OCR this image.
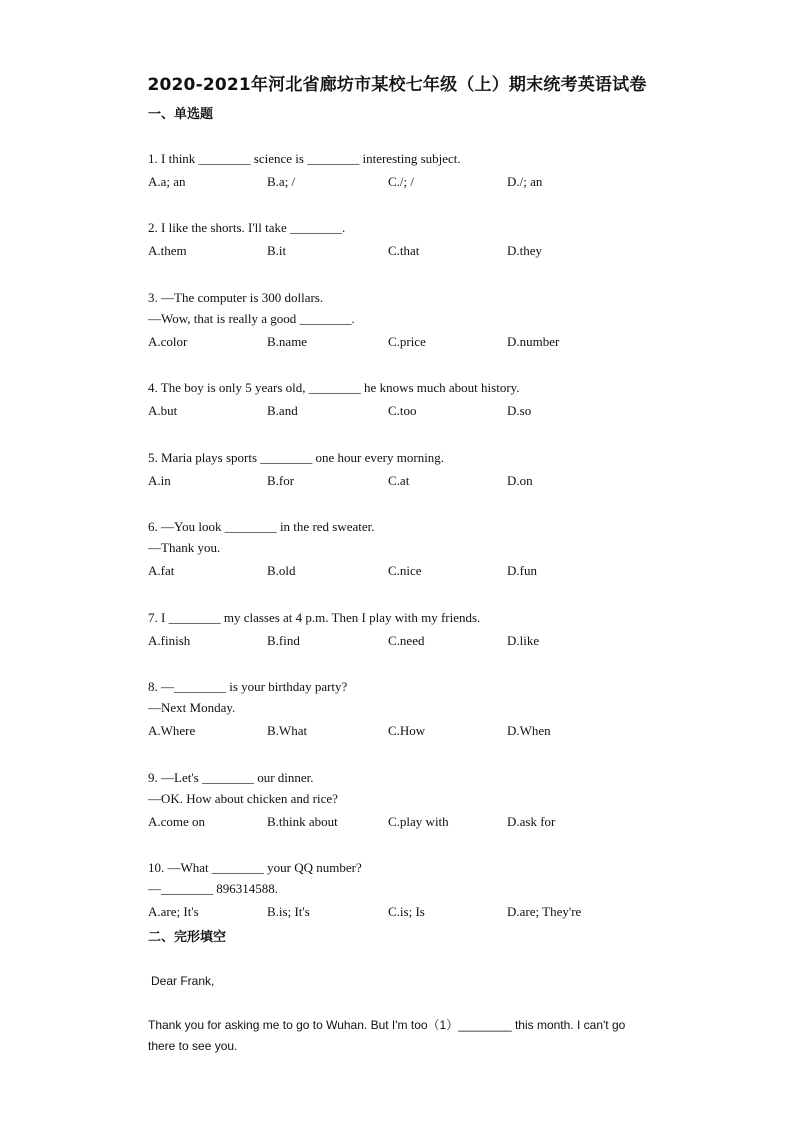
2020-2021年河北省廊坊市某校七年级（上）期末统考英语试卷
一、单选题
1. I think ________ science is ________ interesting subject.
A.a; an	B.a; /	C./; /	D./; an
2. I like the shorts. I'll take ________.
A.them	B.it	C.that	D.they
3. —The computer is 300 dollars.
—Wow, that is really a good ________.
A.color	B.name	C.price	D.number
4. The boy is only 5 years old, ________ he knows much about history.
A.but	B.and	C.too	D.so
5. Maria plays sports ________ one hour every morning.
A.in	B.for	C.at	D.on
6. —You look ________ in the red sweater.
—Thank you.
A.fat	B.old	C.nice	D.fun
7. I ________ my classes at 4 p.m. Then I play with my friends.
A.finish	B.find	C.need	D.like
8. —________ is your birthday party?
—Next Monday.
A.Where	B.What	C.How	D.When
9. —Let's ________ our dinner.
—OK. How about chicken and rice?
A.come on	B.think about	C.play with	D.ask for
10. —What ________ your QQ number?
—________ 896314588.
A.are; It's	B.is; It's	C.is; Is	D.are; They're
二、完形填空
Dear Frank,
Thank you for asking me to go to Wuhan. But I'm too（1）________ this month. I can't go
there to see you.
